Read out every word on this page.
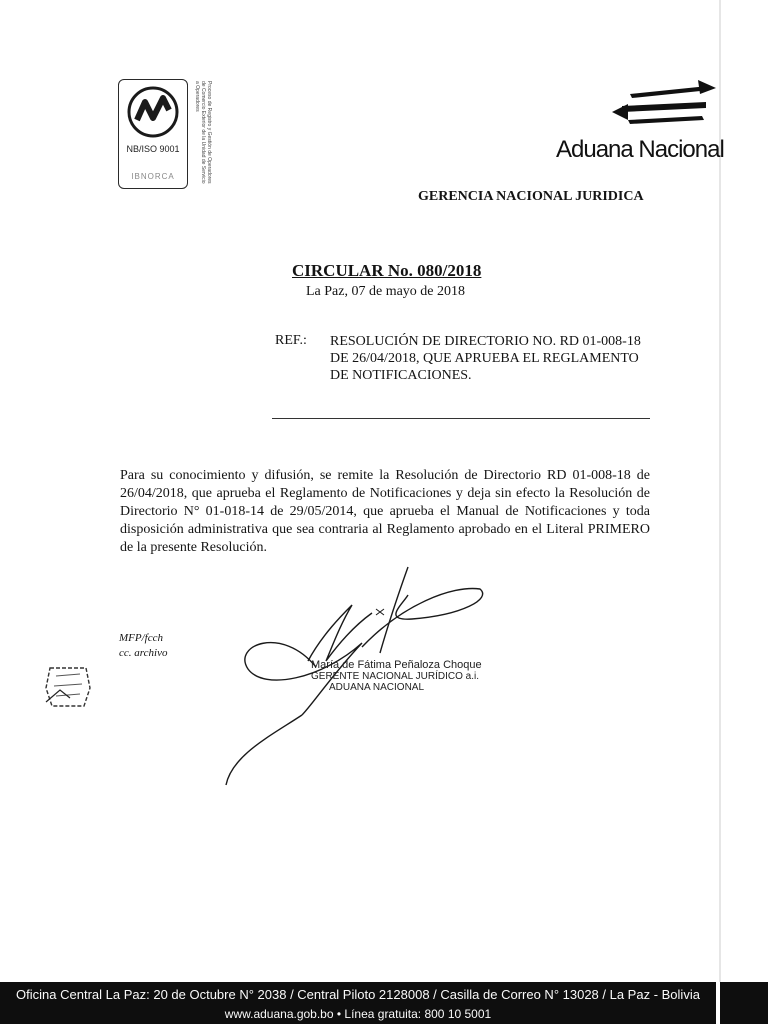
NB/ISO 9001
IBNORCA	Proceso de Registro y Gestión de Operadores de Comercio Exterior de la Unidad de Servicio a Operadores
Aduana Nacional
GERENCIA NACIONAL JURIDICA
CIRCULAR No. 080/2018
La Paz, 07 de mayo de 2018
REF.: RESOLUCIÓN DE DIRECTORIO NO. RD 01-008-18 DE 26/04/2018, QUE APRUEBA EL REGLAMENTO DE NOTIFICACIONES.
Para su conocimiento y difusión, se remite la Resolución de Directorio RD 01-008-18 de 26/04/2018, que aprueba el Reglamento de Notificaciones y deja sin efecto la Resolución de Directorio N° 01-018-14 de 29/05/2014, que aprueba el Manual de Notificaciones y toda disposición administrativa que sea contraria al Reglamento aprobado en el Literal PRIMERO de la presente Resolución.
MFP/fcch
cc. archivo
María de Fátima Peñaloza Choque
GERENTE NACIONAL JURÍDICO a.i.
ADUANA NACIONAL
Oficina Central La Paz: 20 de Octubre N° 2038 / Central Piloto 2128008 / Casilla de Correo N° 13028 / La Paz - Bolivia
www.aduana.gob.bo • Línea gratuita: 800 10 5001
